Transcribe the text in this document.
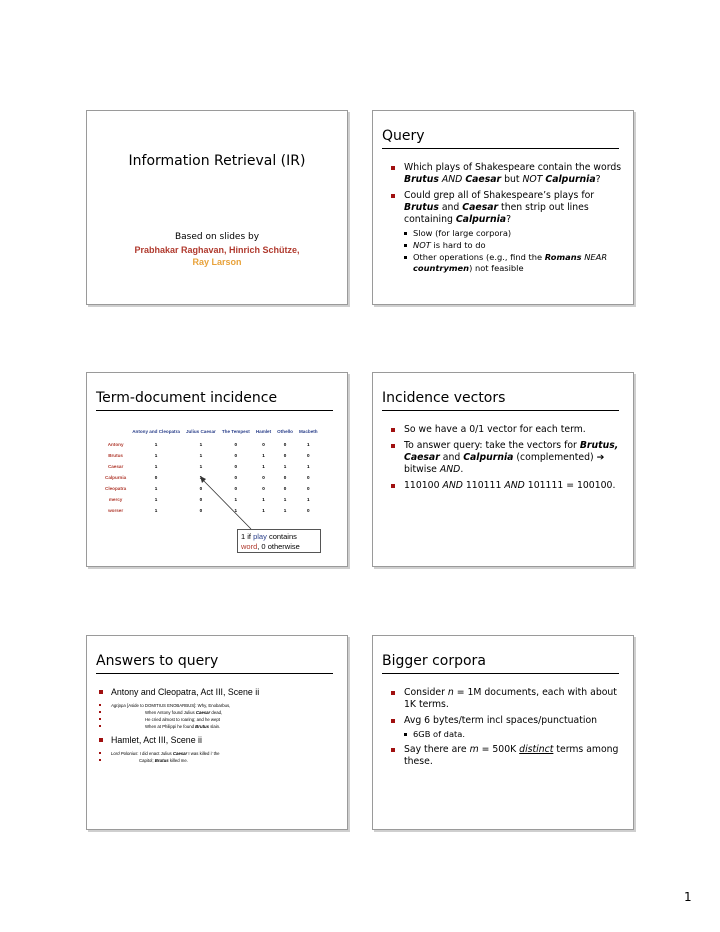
Information Retrieval (IR)
Based on slides by
Prabhakar Raghavan, Hinrich Schütze,
Ray Larson
Query
Which plays of Shakespeare contain the words Brutus AND Caesar but NOT Calpurnia?
Could grep all of Shakespeare’s plays for Brutus and Caesar then strip out lines containing Calpurnia?
Slow (for large corpora)
NOT is hard to do
Other operations (e.g., find the Romans NEAR countrymen) not feasible
Term-document incidence
	Antony and Cleopatra	Julius Caesar	The Tempest	Hamlet	Othello	Macbeth
Antony	1	1	0	0	0	1
Brutus	1	1	0	1	0	0
Caesar	1	1	0	1	1	1
Calpurnia	0		0	0	0	0
Cleopatra	1	0	0	0	0	0
mercy	1	0	1	1	1	1
worser	1	0	1	1	1	0
1 if play contains
word, 0 otherwise
Incidence vectors
So we have a 0/1 vector for each term.
To answer query: take the vectors for Brutus, Caesar and Calpurnia (complemented) ➔ bitwise AND.
110100 AND 110111 AND 101111 = 100100.
Answers to query
Antony and Cleopatra, Act III, Scene ii
Agrippa [Aside to DOMITIUS ENOBARBUS]: Why, Enobarbus,
When Antony found Julius Caesar dead,
He cried almost to roaring; and he wept
When at Philippi he found Brutus slain.
Hamlet, Act III, Scene ii
Lord Polonius: I did enact Julius Caesar I was killed i' the
Capitol; Brutus killed me.
Bigger corpora
Consider n = 1M documents, each with about 1K terms.
Avg 6 bytes/term incl spaces/punctuation
6GB of data.
Say there are m = 500K distinct terms among these.
1
